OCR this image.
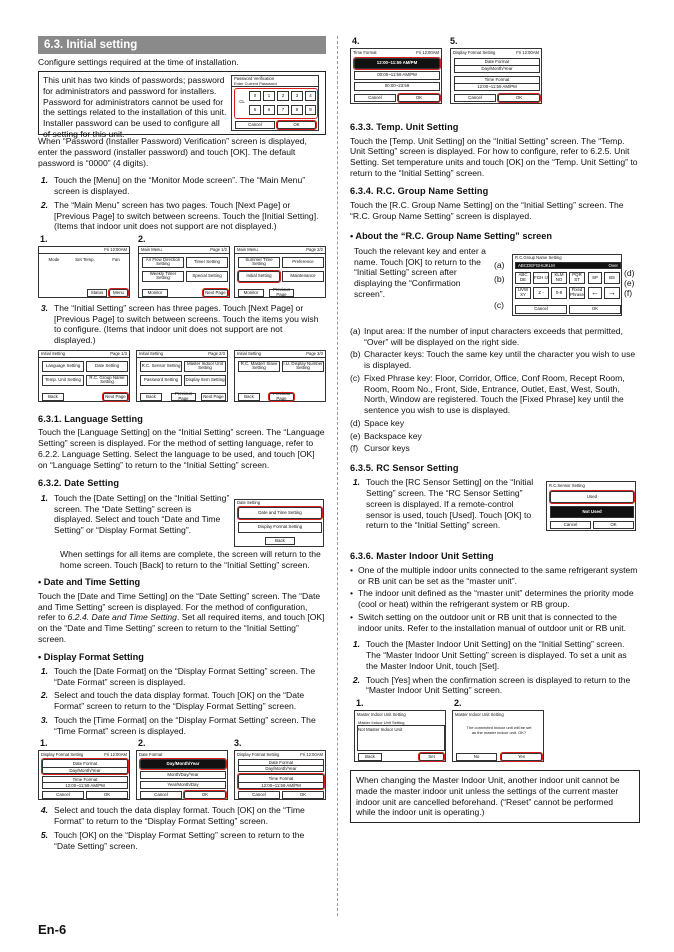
6.3. Initial setting

Configure settings required at the time of installation.

This unit has two kinds of passwords; password for administrators and password for installers. Password for administrators cannot be used for the settings related to the installation of this unit. Installer password can be used to configure all of setting for this unit.
Password Verification
Enter Current Password
CL
0	1	2	3	4
5	6	7	8	9
Cancel	OK

When “Password (Installer Password) Verification” screen is displayed, enter the password (installer password) and touch [OK]. The default password is “0000” (4 digits).

1. Touch the [Menu] on the “Monitor Mode screen”. The “Main Menu” screen is displayed.
2. The “Main Menu” screen has two pages. Touch [Next Page] or [Previous Page] to switch between screens. Touch the [Initial Setting]. (Items that indoor unit does not support are not displayed.)
1.	2.
Fri 12:00AM
Mode	Set Temp.	Fan
Status	Menu
Main Menu	Page 1/2
Air Flow Direction Setting	Timer Setting
Weekly Timer Setting	Special Setting
Monitor	Next Page
Main Menu	Page 2/2
Summer Time Setting	Preference
Initial Setting	Maintenance
Monitor	Previous Page
3. The “Initial Setting” screen has three pages. Touch [Next Page] or [Previous Page] to switch between screens. Touch the items you wish to configure. (Items that indoor unit does not support are not displayed.)
Initial Setting	Page 1/3
Language Setting	Date Setting
Temp. Unit Setting	R.C. Group Name Setting
Back	Next Page
Initial Setting	Page 2/3
R.C. Sensor Setting	Master Indoor Unit Setting
Password Setting	Display Item Setting
Back	Previous Page	Next Page
Initial Setting	Page 3/3
R.C. Master/ Slave Setting
I.U. Display Number Setting
Back	Previous Page
6.3.1. Language Setting

Touch the [Language Setting] on the “Initial Setting” screen. The “Language Setting” screen is displayed. For the method of setting language, refer to 6.2.2. Language Setting. Select the language to be used, and touch [OK] on “Language Setting” to return to the “Initial Setting” screen.

6.3.2. Date Setting
1. Touch the [Date Setting] on the “Initial Setting” screen. The “Date Setting” screen is displayed. Select and touch “Date and Time Setting” or “Display Format Setting”.
Date Setting
Date and Time Setting
Display Format Setting
Back

When settings for all items are complete, the screen will return to the home screen. Touch [Back] to return to the “Initial Setting” screen.

• Date and Time Setting

Touch the [Date and Time Setting] on the “Date Setting” screen. The “Date and Time Setting” screen is displayed. For the method of configuration, refer to 6.2.4. Date and Time Setting. Set all required items, and touch [OK] on the “Date and Time Setting” screen to return to the “Initial Setting” screen.

• Display Format Setting
1. Touch the [Date Format] on the “Display Format Setting” screen. The “Date Format” screen is displayed.
2. Select and touch the data display format. Touch [OK] on the “Date Format” screen to return to the “Display Format Setting” screen.
3. Touch the [Time Format] on the “Display Format Setting” screen. The “Time Format” screen is displayed.
1.	2.	3.
Display Format Setting	Fri 12:00AM
Date Format
Day/Month/Year
Time Format
12:00~11:59 AM/PM
Cancel	OK
Date Format
Day/Month/Year
Month/Day/Year
Year/Month/Day
Cancel	OK
Display Format Setting	Fri 12:00AM
Date Format
Day/Month/Year
Time Format
12:00~11:59 AM/PM
Cancel	OK
4. Select and touch the data display format. Touch [OK] on the “Time Format” to return to the “Display Format Setting” screen.
5. Touch [OK] on the “Display Format Setting” screen to return to the “Date Setting” screen.
En-6
4.	5.
Time Format	Fri 12:00AM
12:00~11:59 AM/PM
00:00~11:59 AM/PM
00:00~23:59
Cancel	OK
Display Format Setting	Fri 12:00AM
Date Format
Day/Month/Year
Time Format
12:00~11:59 AM/PM
Cancel	OK
6.3.3. Temp. Unit Setting

Touch the [Temp. Unit Setting] on the “Initial Setting” screen. The “Temp. Unit Setting” screen is displayed. For how to configure, refer to 6.2.5. Unit Setting. Set temperature units and touch [OK] on the “Temp. Unit Setting” to return to the “Initial Setting” screen.

6.3.4. R.C. Group Name Setting

Touch the [R.C. Group Name Setting] on the “Initial Setting” screen. The “R.C. Group Name Setting” screen is displayed.

• About the “R.C. Group Name Setting” screen

Touch the relevant key and enter a name. Touch [OK] to return to the “Initial Setting” screen after displaying the “Confirmation screen”.

(a)
(b)
(c)
(d)
(e)
(f)
R.C.Group Name Setting
ABCDEFGHIJKLM	Over
ABC DE	FGH IJ	KLM NO
PQR ST	SP	BS
UVW XY	Z -	0-9	Fixed Phrase ←	→
Cancel	OK
(a) Input area: If the number of input characters exceeds that permitted, “Over” will be displayed on the right side.
(b) Character keys: Touch the same key until the character you wish to use is displayed.
(c) Fixed Phrase key: Floor, Corridor, Office, Conf Room, Recept Room, Room, Room No., Front, Side, Entrance, Outlet, East, West, South, North, Window are registered. Touch the [Fixed Phrase] key until the sentence you wish to use is displayed.
(d) Space key
(e) Backspace key
(f) Cursor keys
6.3.5. RC Sensor Setting
1. Touch the [RC Sensor Setting] on the “Initial Setting” screen. The “RC Sensor Setting” screen is displayed. If a remote-control sensor is used, touch [Used]. Touch [OK] to return to the “Initial Setting” screen.
R.C.Sensor Setting
Used
Not Used
Cancel	OK
6.3.6. Master Indoor Unit Setting
• One of the multiple indoor units connected to the same refrigerant system or RB unit can be set as the “master unit”.
• The indoor unit defined as the “master unit” determines the priority mode (cool or heat) within the refrigerant system or RB group.
• Switch setting on the outdoor unit or RB unit that is connected to the indoor units. Refer to the installation manual of outdoor unit or RB unit.
1. Touch the [Master Indoor Unit Setting] on the “Initial Setting” screen. The “Master Indoor Unit Setting” screen is displayed. To set a unit as the Master Indoor Unit, touch [Set].
2. Touch [Yes] when the confirmation screen is displayed to return to the “Master Indoor Unit Setting” screen.
1.	2.
Master Indoor Unit Setting
Master Indoor Unit Setting
Not Master Indoor Unit
Back	Set
Master Indoor Unit Setting
The connected indoor unit will be set as the master indoor unit. OK?
No	Yes
When changing the Master Indoor Unit, another indoor unit cannot be made the master indoor unit unless the settings of the current master indoor unit are cancelled beforehand. (“Reset” cannot be performed while the indoor unit is operating.)
